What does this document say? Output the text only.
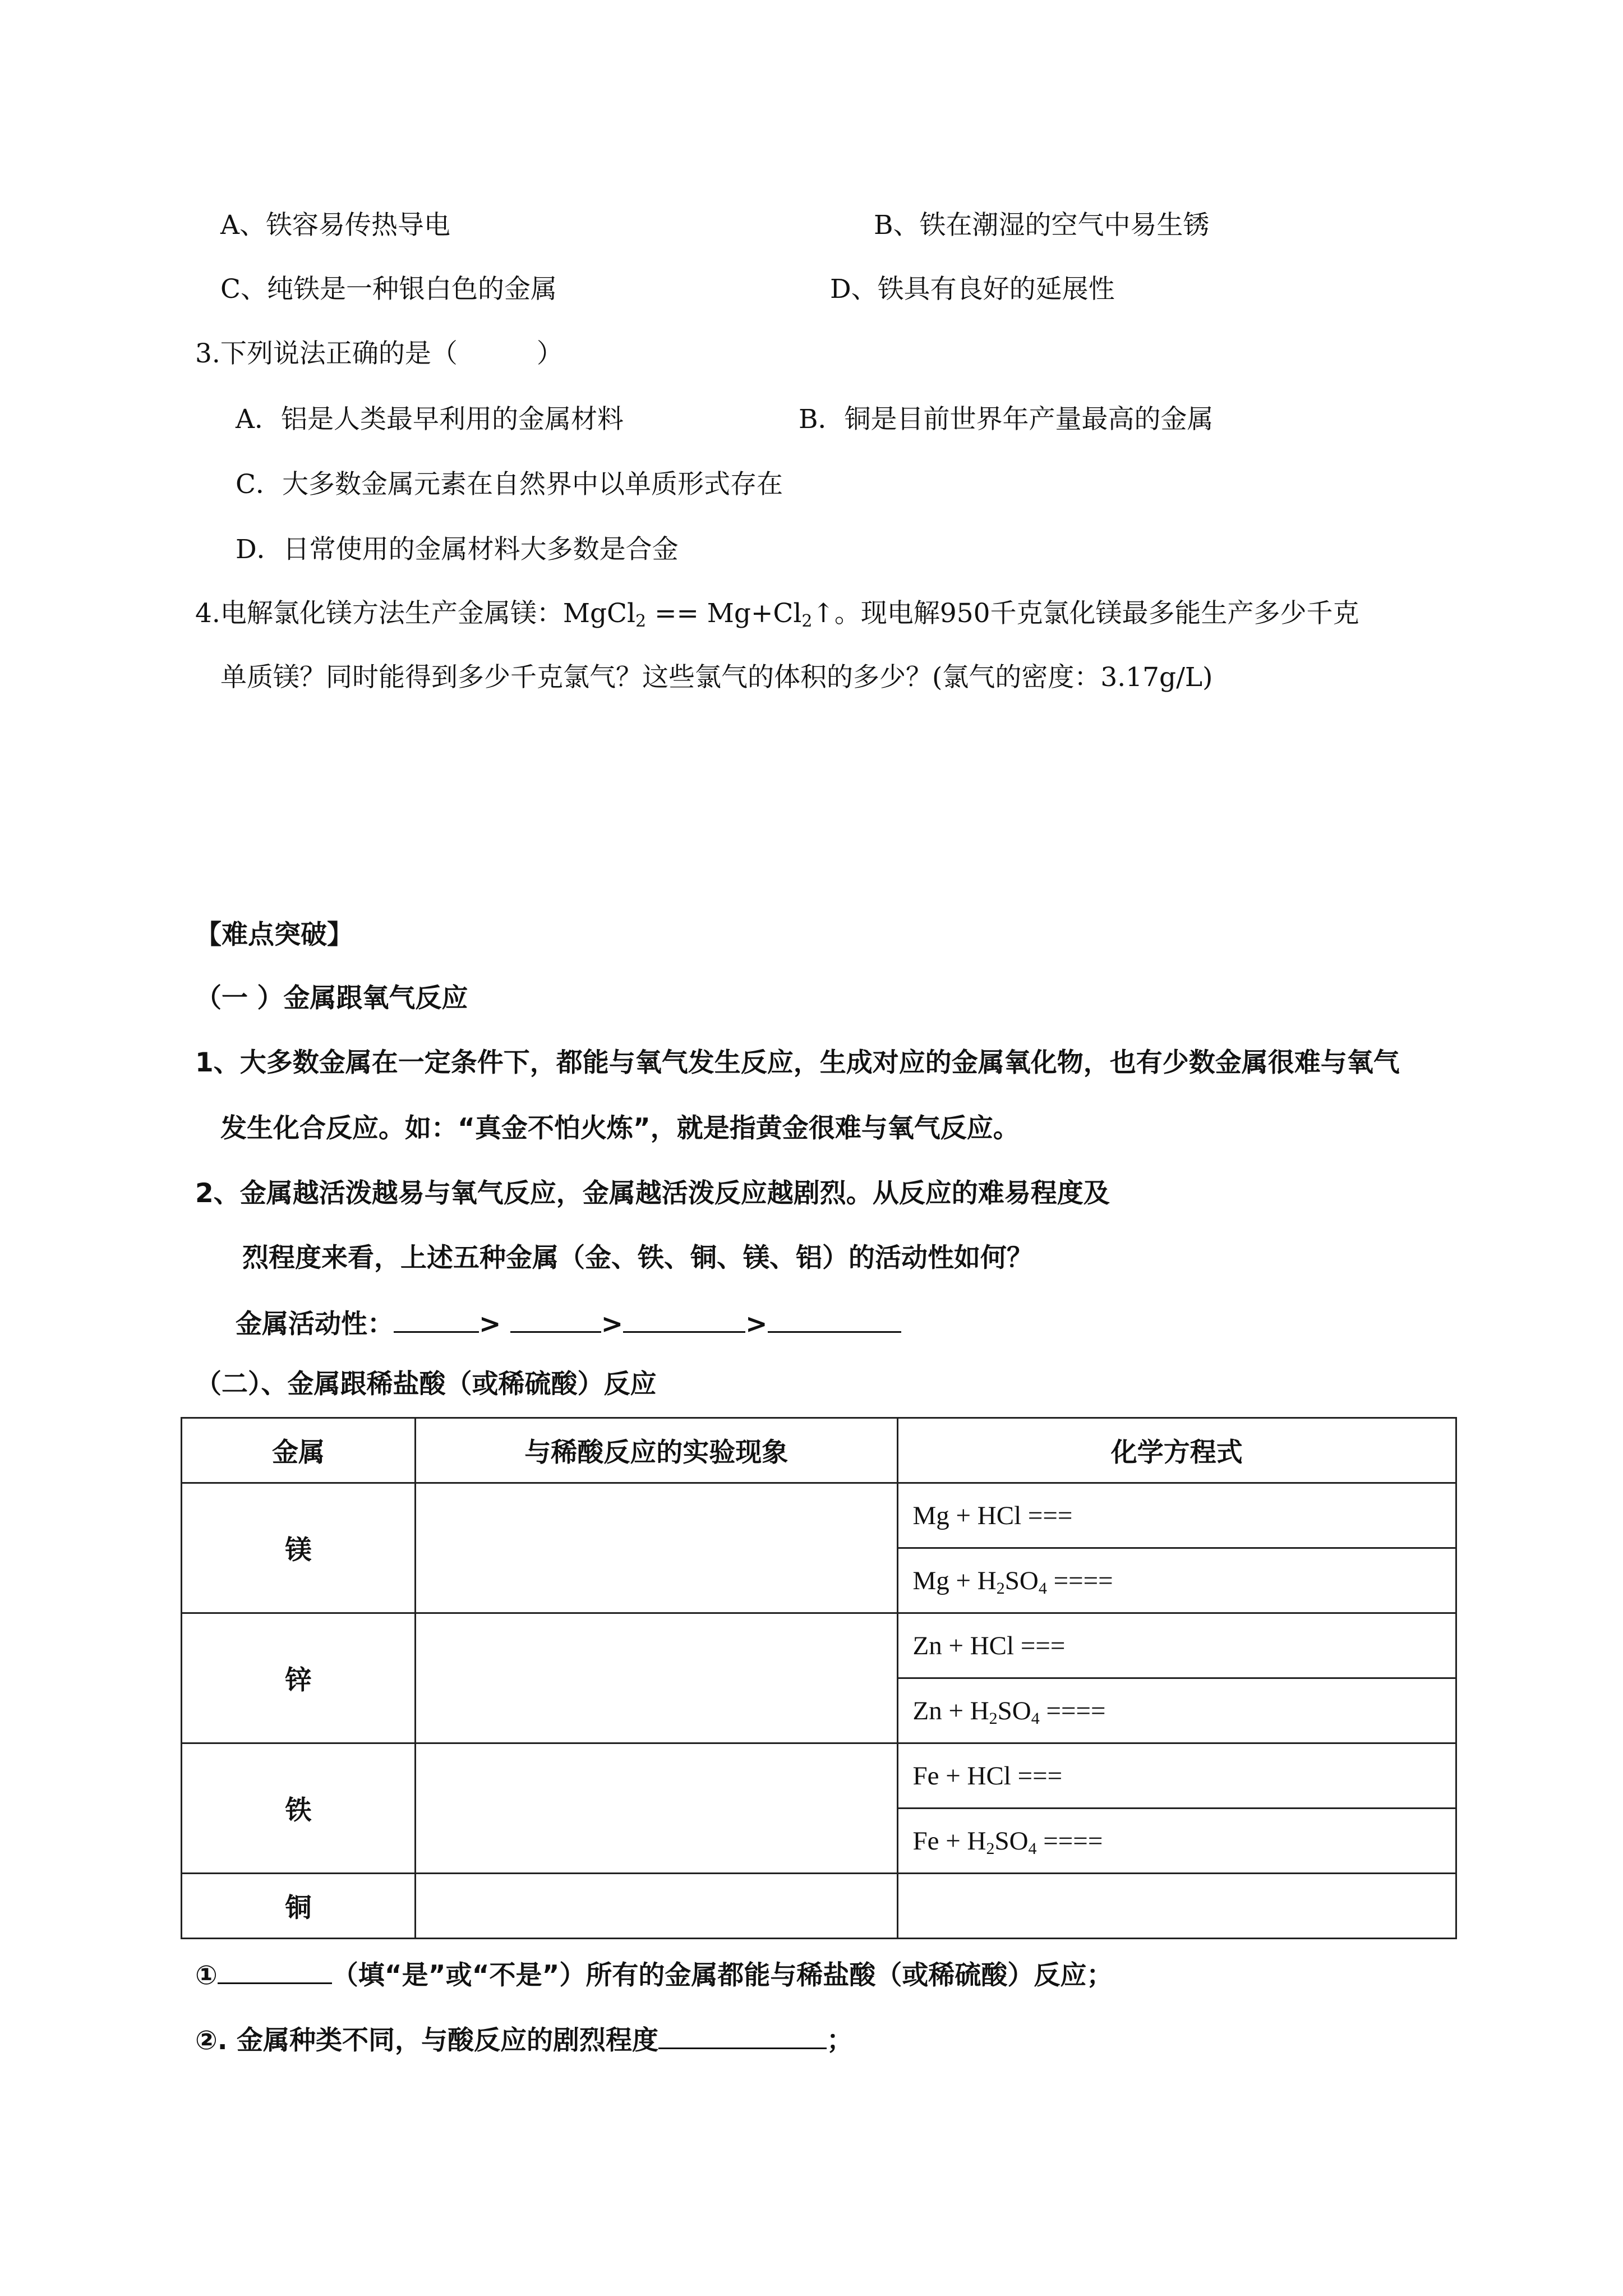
A、铁容易传热导电	B、铁在潮湿的空气中易生锈
C、纯铁是一种银白色的金属	D、铁具有良好的延展性
3.下列说法正确的是（　　　）
A．铝是人类最早利用的金属材料	B．铜是目前世界年产量最高的金属
C．大多数金属元素在自然界中以单质形式存在
D．日常使用的金属材料大多数是合金
4.电解氯化镁方法生产金属镁：MgCl$_2$ == $Mg+Cl_2↑$。现电解950千克氯化镁最多能生产多少千克
单质镁？同时能得到多少千克氯气？这些氯气的体积的多少？(氯气的密度：3.17g/L)
【难点突破】
（一 ）金属跟氧气反应
1、大多数金属在一定条件下，都能与氧气发生反应，生成对应的金属氧化物，也有少数金属很难与氧气
发生化合反应。如：“真金不怕火炼”，就是指黄金很难与氧气反应。
2、金属越活泼越易与氧气反应，金属越活泼反应越剧烈。从反应的难易程度及
烈程度来看，上述五种金属（金、铁、铜、镁、铝）的活动性如何？
金属活动性：	>	>	>
（二）、金属跟稀盐酸（或稀硫酸）反应
金属	与稀酸反应的实验现象	化学方程式
镁		Mg + HCl ===
		$Mg + H_2SO_4$ ====
锌		Zn + HCl ===
		$Zn + H_2SO_4$ ====
铁		Fe + HCl ===
		$Fe + H_2SO_4$ ====
铜		
①	（填“是”或“不是”）所有的金属都能与稀盐酸（或稀硫酸）反应；
②. 金属种类不同，与酸反应的剧烈程度	；
